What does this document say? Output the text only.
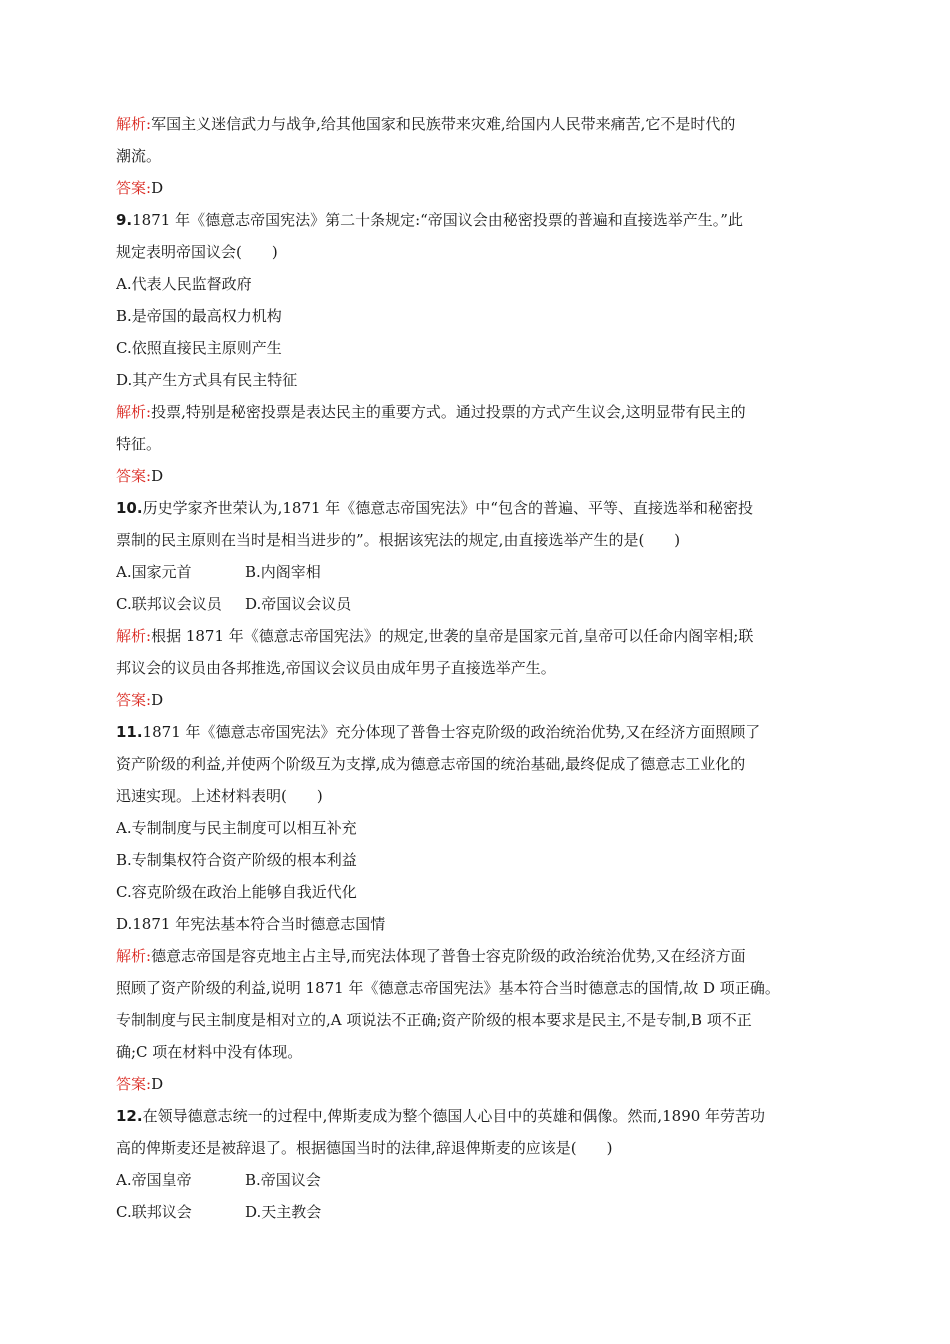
解析:军国主义迷信武力与战争,给其他国家和民族带来灾难,给国内人民带来痛苦,它不是时代的
潮流。
答案:D
9.1871 年《德意志帝国宪法》第二十条规定:“帝国议会由秘密投票的普遍和直接选举产生。”此
规定表明帝国议会(　　)
A.代表人民监督政府
B.是帝国的最高权力机构
C.依照直接民主原则产生
D.其产生方式具有民主特征
解析:投票,特别是秘密投票是表达民主的重要方式。通过投票的方式产生议会,这明显带有民主的
特征。
答案:D
10.历史学家齐世荣认为,1871 年《德意志帝国宪法》中“包含的普遍、平等、直接选举和秘密投
票制的民主原则在当时是相当进步的”。根据该宪法的规定,由直接选举产生的是(　　)
A.国家元首	B.内阁宰相
C.联邦议会议员 D.帝国议会议员
解析:根据 1871 年《德意志帝国宪法》的规定,世袭的皇帝是国家元首,皇帝可以任命内阁宰相;联
邦议会的议员由各邦推选,帝国议会议员由成年男子直接选举产生。
答案:D
11.1871 年《德意志帝国宪法》充分体现了普鲁士容克阶级的政治统治优势,又在经济方面照顾了
资产阶级的利益,并使两个阶级互为支撑,成为德意志帝国的统治基础,最终促成了德意志工业化的
迅速实现。上述材料表明(　　)
A.专制制度与民主制度可以相互补充
B.专制集权符合资产阶级的根本利益
C.容克阶级在政治上能够自我近代化
D.1871 年宪法基本符合当时德意志国情
解析:德意志帝国是容克地主占主导,而宪法体现了普鲁士容克阶级的政治统治优势,又在经济方面
照顾了资产阶级的利益,说明 1871 年《德意志帝国宪法》基本符合当时德意志的国情,故 D 项正确。
专制制度与民主制度是相对立的,A 项说法不正确;资产阶级的根本要求是民主,不是专制,B 项不正
确;C 项在材料中没有体现。
答案:D
12.在领导德意志统一的过程中,俾斯麦成为整个德国人心目中的英雄和偶像。然而,1890 年劳苦功
高的俾斯麦还是被辞退了。根据德国当时的法律,辞退俾斯麦的应该是(　　)
A.帝国皇帝	B.帝国议会
C.联邦议会	D.天主教会
